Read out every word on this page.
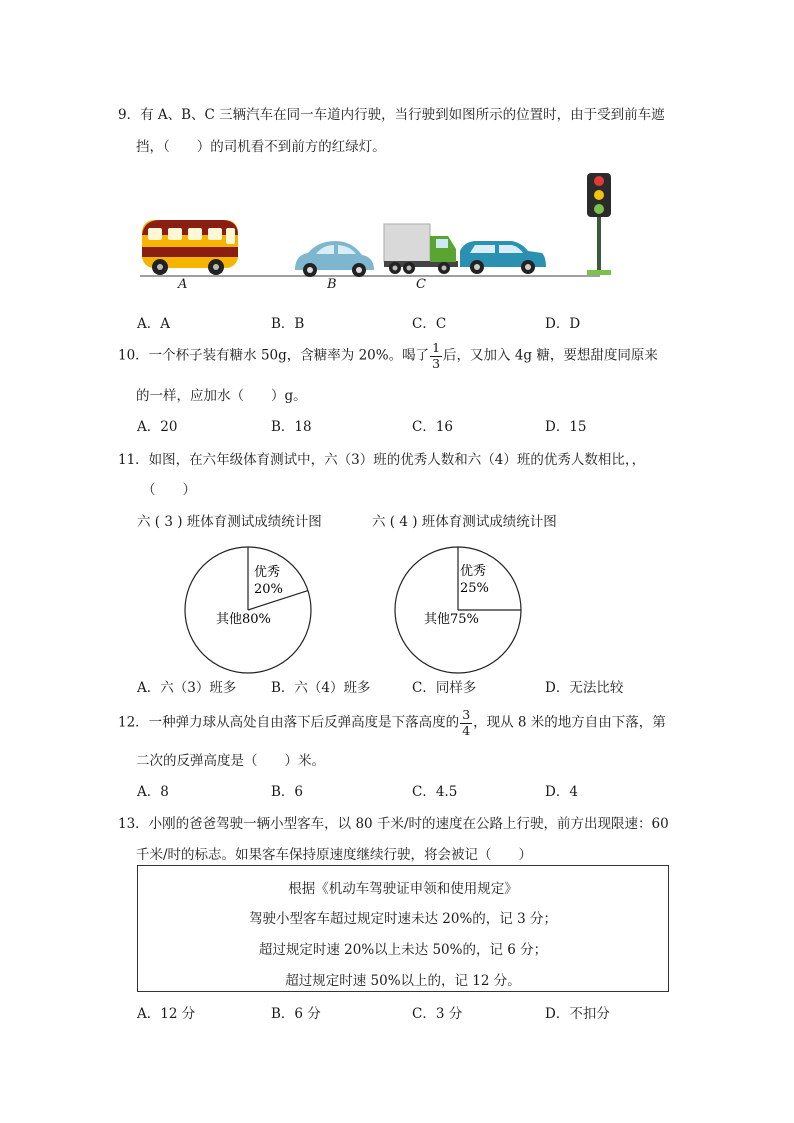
9．有 A、B、C 三辆汽车在同一车道内行驶，当行驶到如图所示的位置时，由于受到前车遮
挡，（　　）的司机看不到前方的红绿灯。
A	B	C
A．A	B．B	C．C	D．D
10．一个杯子装有糖水 50g，含糖率为 20%。喝了 $\frac{1}{3}$ 后，又加入 4g 糖，要想甜度同原来
的一样，应加水（　　）g。
A．20	B．18	C．16	D．15
11．如图，在六年级体育测试中，六（3）班的优秀人数和六（4）班的优秀人数相比，，
（　　）
六 ( 3 ) 班体育测试成绩统计图	六 ( 4 ) 班体育测试成绩统计图
优秀
20%
其他80%
优秀
25%
其他75%
A．六（3）班多	B．六（4）班多	C．同样多	D．无法比较
12．一种弹力球从高处自由落下后反弹高度是下落高度的 $\frac{3}{4}$ ，现从 8 米的地方自由下落，第
二次的反弹高度是（　　）米。
A．8	B．6	C．4.5	D．4
13．小刚的爸爸驾驶一辆小型客车，以 80 千米/时的速度在公路上行驶，前方出现限速：60
千米/时的标志。如果客车保持原速度继续行驶，将会被记（　　）
根据《机动车驾驶证申领和使用规定》
驾驶小型客车超过规定时速未达 20%的，记 3 分；
超过规定时速 20%以上未达 50%的，记 6 分；
超过规定时速 50%以上的，记 12 分。
A．12 分	B．6 分	C．3 分	D．不扣分
